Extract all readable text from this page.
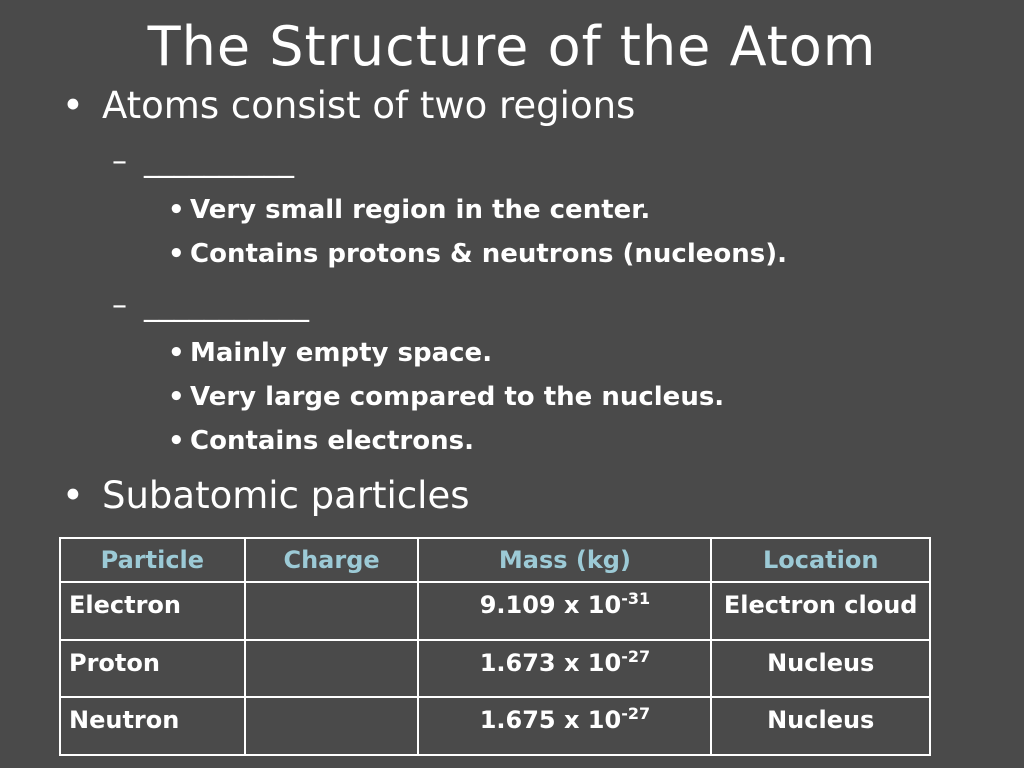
The Structure of the Atom
• Atoms consist of two regions
– __________
• Very small region in the center.
• Contains protons & neutrons (nucleons).
– ___________
• Mainly empty space.
• Very large compared to the nucleus.
• Contains electrons.
• Subatomic particles
Particle	Charge	Mass (kg)	Location
Electron		9.109 x $10^{-31}$	Electron cloud
Proton		1.673 x $10^{-27}$	Nucleus
Neutron		1.675 x $10^{-27}$	Nucleus
